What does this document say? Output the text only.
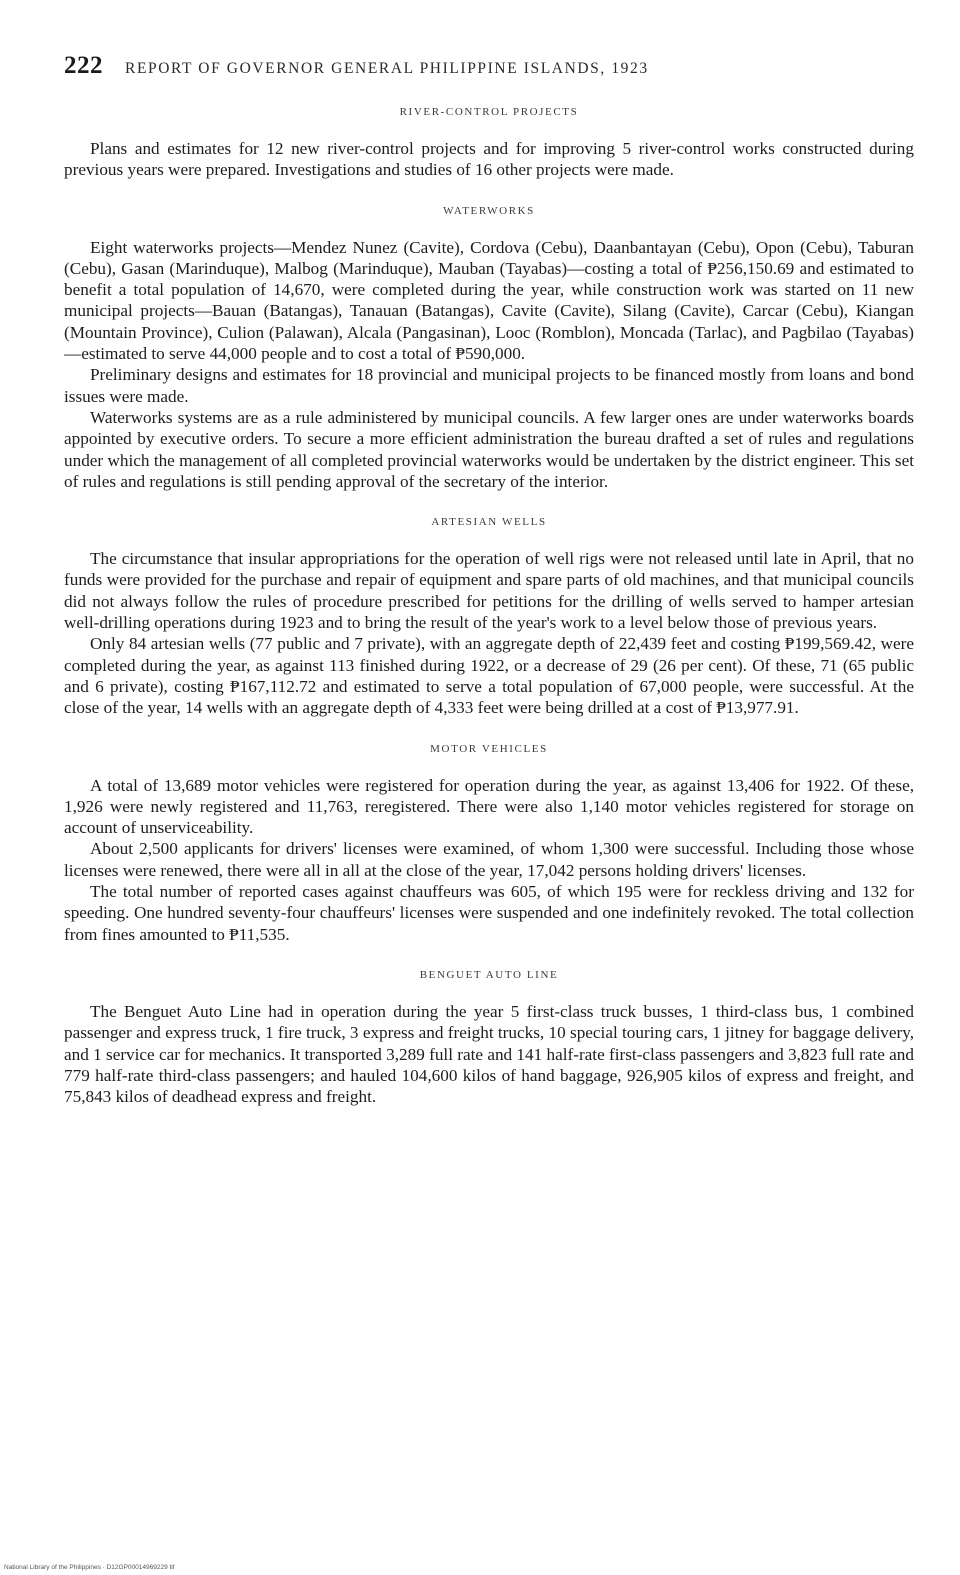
222 REPORT OF GOVERNOR GENERAL PHILIPPINE ISLANDS, 1923
RIVER-CONTROL PROJECTS

Plans and estimates for 12 new river-control projects and for improving 5 river-control works constructed during previous years were prepared. Investigations and studies of 16 other projects were made.

WATERWORKS

Eight waterworks projects—Mendez Nunez (Cavite), Cordova (Cebu), Daanbantayan (Cebu), Opon (Cebu), Taburan (Cebu), Gasan (Marinduque), Malbog (Marinduque), Mauban (Tayabas)—costing a total of ₱256,150.69 and estimated to benefit a total population of 14,670, were completed during the year, while construction work was started on 11 new municipal projects—Bauan (Batangas), Tanauan (Batangas), Cavite (Cavite), Silang (Cavite), Carcar (Cebu), Kiangan (Mountain Province), Culion (Palawan), Alcala (Pangasinan), Looc (Romblon), Moncada (Tarlac), and Pagbilao (Tayabas)—estimated to serve 44,000 people and to cost a total of ₱590,000.

Preliminary designs and estimates for 18 provincial and municipal projects to be financed mostly from loans and bond issues were made.

Waterworks systems are as a rule administered by municipal councils. A few larger ones are under waterworks boards appointed by executive orders. To secure a more efficient administration the bureau drafted a set of rules and regulations under which the management of all completed provincial waterworks would be undertaken by the district engineer. This set of rules and regulations is still pending approval of the secretary of the interior.

ARTESIAN WELLS

The circumstance that insular appropriations for the operation of well rigs were not released until late in April, that no funds were provided for the purchase and repair of equipment and spare parts of old machines, and that municipal councils did not always follow the rules of procedure prescribed for petitions for the drilling of wells served to hamper artesian well-drilling operations during 1923 and to bring the result of the year's work to a level below those of previous years.

Only 84 artesian wells (77 public and 7 private), with an aggregate depth of 22,439 feet and costing ₱199,569.42, were completed during the year, as against 113 finished during 1922, or a decrease of 29 (26 per cent). Of these, 71 (65 public and 6 private), costing ₱167,112.72 and estimated to serve a total population of 67,000 people, were successful. At the close of the year, 14 wells with an aggregate depth of 4,333 feet were being drilled at a cost of ₱13,977.91.

MOTOR VEHICLES

A total of 13,689 motor vehicles were registered for operation during the year, as against 13,406 for 1922. Of these, 1,926 were newly registered and 11,763, reregistered. There were also 1,140 motor vehicles registered for storage on account of unserviceability.

About 2,500 applicants for drivers' licenses were examined, of whom 1,300 were successful. Including those whose licenses were renewed, there were all in all at the close of the year, 17,042 persons holding drivers' licenses.

The total number of reported cases against chauffeurs was 605, of which 195 were for reckless driving and 132 for speeding. One hundred seventy-four chauffeurs' licenses were suspended and one indefinitely revoked. The total collection from fines amounted to ₱11,535.

BENGUET AUTO LINE

The Benguet Auto Line had in operation during the year 5 first-class truck busses, 1 third-class bus, 1 combined passenger and express truck, 1 fire truck, 3 express and freight trucks, 10 special touring cars, 1 jitney for baggage delivery, and 1 service car for mechanics. It transported 3,289 full rate and 141 half-rate first-class passengers and 3,823 full rate and 779 half-rate third-class passengers; and hauled 104,600 kilos of hand baggage, 926,905 kilos of express and freight, and 75,843 kilos of deadhead express and freight.

National Library of the Philippines · D12GP00014969229 tif
